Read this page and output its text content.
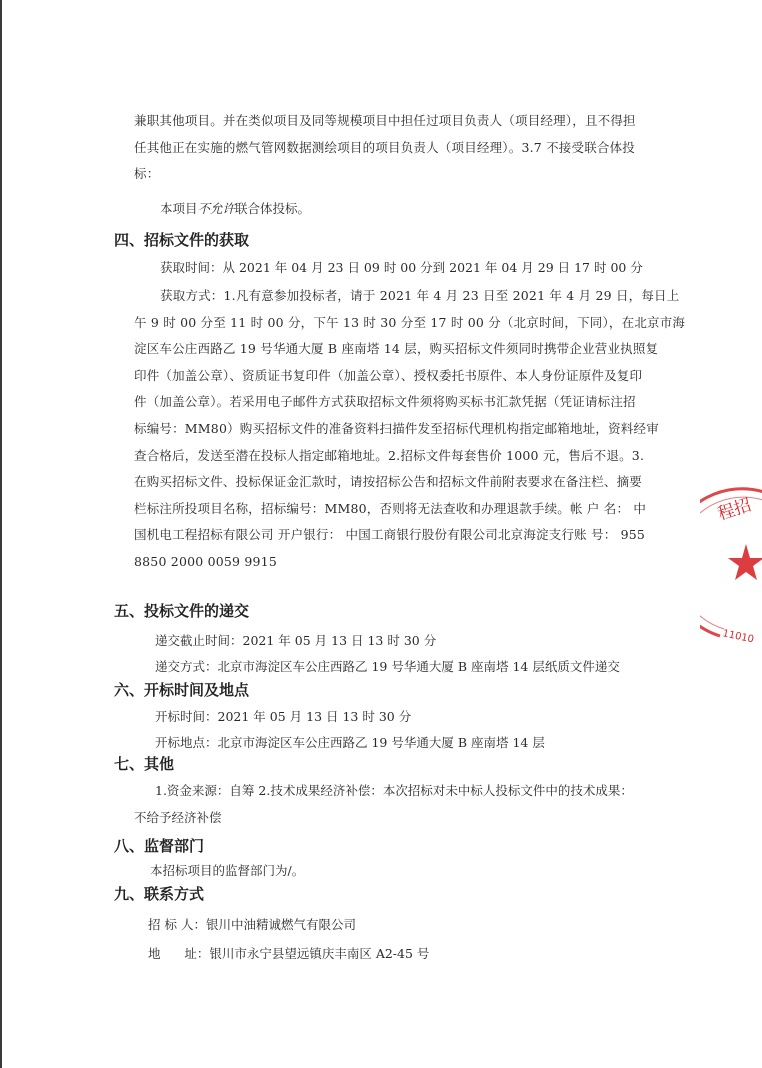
兼职其他项目。并在类似项目及同等规模项目中担任过项目负责人（项目经理），且不得担
任其他正在实施的燃气管网数据测绘项目的项目负责人（项目经理）。3.7 不接受联合体投
标：
本项目不允许联合体投标。
四、招标文件的获取
获取时间：从 2021 年 04 月 23 日 09 时 00 分到 2021 年 04 月 29 日 17 时 00 分
获取方式：1.凡有意参加投标者，请于 2021 年 4 月 23 日至 2021 年 4 月 29 日，每日上
午 9 时 00 分至 11 时 00 分，下午 13 时 30 分至 17 时 00 分（北京时间，下同），在北京市海
淀区车公庄西路乙 19 号华通大厦 B 座南塔 14 层，购买招标文件须同时携带企业营业执照复
印件（加盖公章）、资质证书复印件（加盖公章）、授权委托书原件、本人身份证原件及复印
件（加盖公章）。若采用电子邮件方式获取招标文件须将购买标书汇款凭据（凭证请标注招
标编号：MM80）购买招标文件的准备资料扫描件发至招标代理机构指定邮箱地址，资料经审
查合格后，发送至潜在投标人指定邮箱地址。2.招标文件每套售价 1000 元，售后不退。3.
在购买招标文件、投标保证金汇款时，请按招标公告和招标文件前附表要求在备注栏、摘要
栏标注所投项目名称，招标编号：MM80，否则将无法查收和办理退款手续。帐 户 名： 中
国机电工程招标有限公司 开户银行： 中国工商银行股份有限公司北京海淀支行账 号： 955
8850 2000 0059 9915
五、投标文件的递交
递交截止时间：2021 年 05 月 13 日 13 时 30 分
递交方式：北京市海淀区车公庄西路乙 19 号华通大厦 B 座南塔 14 层纸质文件递交
六、开标时间及地点
开标时间：2021 年 05 月 13 日 13 时 30 分
开标地点：北京市海淀区车公庄西路乙 19 号华通大厦 B 座南塔 14 层
七、其他
1.资金来源：自筹 2.技术成果经济补偿：本次招标对未中标人投标文件中的技术成果：
不给予经济补偿
八、监督部门
本招标项目的监督部门为/。
九、联系方式
招 标 人：银川中油精诚燃气有限公司
地      址：银川市永宁县望远镇庆丰南区 A2-45 号
程招
11010
